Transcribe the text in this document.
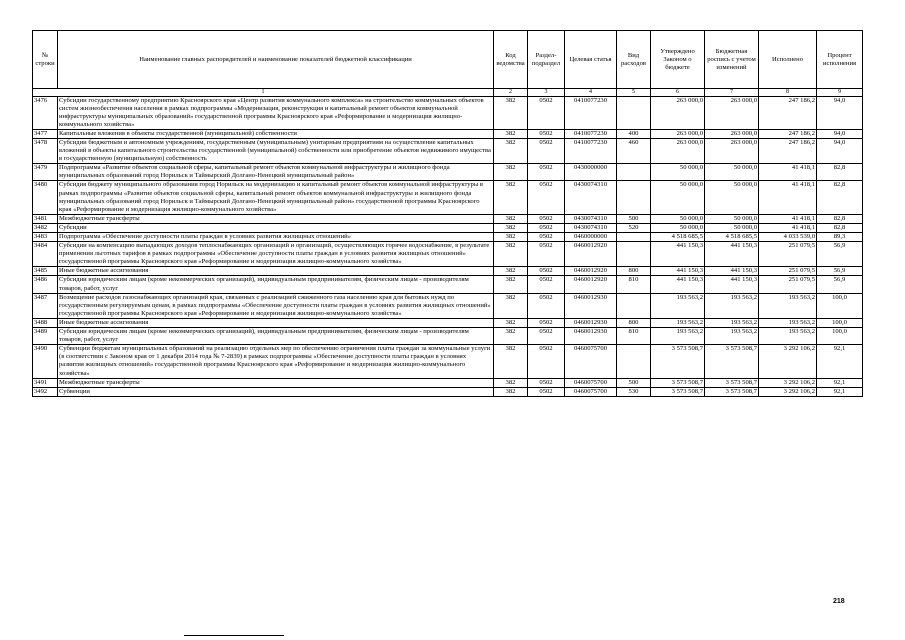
№ строки	Наименование главных распорядителей и наименование показателей бюджетной классификации	Код ведомства	Раздел- подраздел	Целевая статья	Вид расходов	Утверждено Законом о бюджете	Бюджетная роспись с учетом изменений	Исполнено	Процент исполнения
1		2	3	4	5	6	7	8	9
3476	Субсидии государственному предприятию Красноярского края «Центр развития коммунального комплекса» на строительство коммунальных объектов систем жизнеобеспечения населения в рамках подпрограммы «Модернизация, реконструкция и капитальный ремонт объектов коммунальной инфраструктуры муниципальных образований» государственной программы Красноярского края «Реформирование и модернизация жилищно-коммунального хозяйства»	382	0502	0410077230		263 000,0	263 000,0	247 186,2	94,0
3477	Капитальные вложения в объекты государственной (муниципальной) собственности	382	0502	0410077230	400	263 000,0	263 000,0	247 186,2	94,0
3478	Субсидии бюджетным и автономным учреждениям, государственным (муниципальным) унитарным предприятиям на осуществление капитальных вложений в объекты капитального строительства государственной (муниципальной) собственности или приобретение объектов недвижимого имущества в государственную (муниципальную) собственность	382	0502	0410077230	460	263 000,0	263 000,0	247 186,2	94,0
3479	Подпрограмма «Развитие объектов социальной сферы, капитальный ремонт объектов коммунальной инфраструктуры и жилищного фонда муниципальных образований город Норильск и Таймырский Долгано-Ненецкий муниципальный район»	382	0502	0430000000		50 000,0	50 000,0	41 418,1	82,8
3480	Субсидия бюджету муниципального образования город Норильск на модернизацию и капитальный ремонт объектов коммунальной инфраструктуры в рамках подпрограммы «Развитие объектов социальной сферы, капитальный ремонт объектов коммунальной инфраструктуры и жилищного фонда муниципальных образований город Норильск и Таймырский Долгано-Ненецкий муниципальный район» государственной программы Красноярского края «Реформирование и модернизация жилищно-коммунального хозяйства»	382	0502	0430074310		50 000,0	50 000,0	41 418,1	82,8
3481	Межбюджетные трансферты	382	0502	0430074310	500	50 000,0	50 000,0	41 418,1	82,8
3482	Субсидии	382	0502	0430074310	520	50 000,0	50 000,0	41 418,1	82,8
3483	Подпрограмма «Обеспечение доступности платы граждан в условиях развития жилищных отношений»	382	0502	0460000000		4 518 685,5	4 518 685,5	4 033 539,0	89,3
3484	Субсидии на компенсацию выпадающих доходов теплоснабжающих организаций и организаций, осуществляющих горячее водоснабжение, в результате применения льготных тарифов в рамках подпрограммы «Обеспечение доступности платы граждан в условиях развития жилищных отношений» государственной программы Красноярского края «Реформирование и модернизация жилищно-коммунального хозяйства»	382	0502	0460012920		441 150,3	441 150,3	251 079,5	56,9
3485	Иные бюджетные ассигнования	382	0502	0460012920	800	441 150,3	441 150,3	251 079,5	56,9
3486	Субсидии юридическим лицам (кроме некоммерческих организаций), индивидуальным предпринимателям, физическим лицам - производителям товаров, работ, услуг	382	0502	0460012920	810	441 150,3	441 150,3	251 079,5	56,9
3487	Возмещение расходов газоснабжающих организаций края, связанных с реализацией сжиженного газа населению края для бытовых нужд по государственным регулируемым ценам, в рамках подпрограммы «Обеспечение доступности платы граждан в условиях развития жилищных отношений» государственной программы Красноярского края «Реформирование и модернизация жилищно-коммунального хозяйства»	382	0502	0460012930		193 563,2	193 563,2	193 563,2	100,0
3488	Иные бюджетные ассигнования	382	0502	0460012930	800	193 563,2	193 563,2	193 563,2	100,0
3489	Субсидии юридическим лицам (кроме некоммерческих организаций), индивидуальным предпринимателям, физическим лицам - производителям товаров, работ, услуг	382	0502	0460012930	810	193 563,2	193 563,2	193 563,2	100,0
3490	Субвенции бюджетам муниципальных образований на реализацию отдельных мер по обеспечению ограничения платы граждан за коммунальные услуги (в соответствии с Законом края от 1 декабря 2014 года № 7-2839) в рамках подпрограммы «Обеспечение доступности платы граждан в условиях развития жилищных отношений» государственной программы Красноярского края «Реформирование и модернизация жилищно-коммунального хозяйства»	382	0502	0460075700		3 573 508,7	3 573 508,7	3 292 106,2	92,1
3491	Межбюджетные трансферты	382	0502	0460075700	500	3 573 508,7	3 573 508,7	3 292 106,2	92,1
3492	Субвенции	382	0502	0460075700	530	3 573 508,7	3 573 508,7	3 292 106,2	92,1
218
